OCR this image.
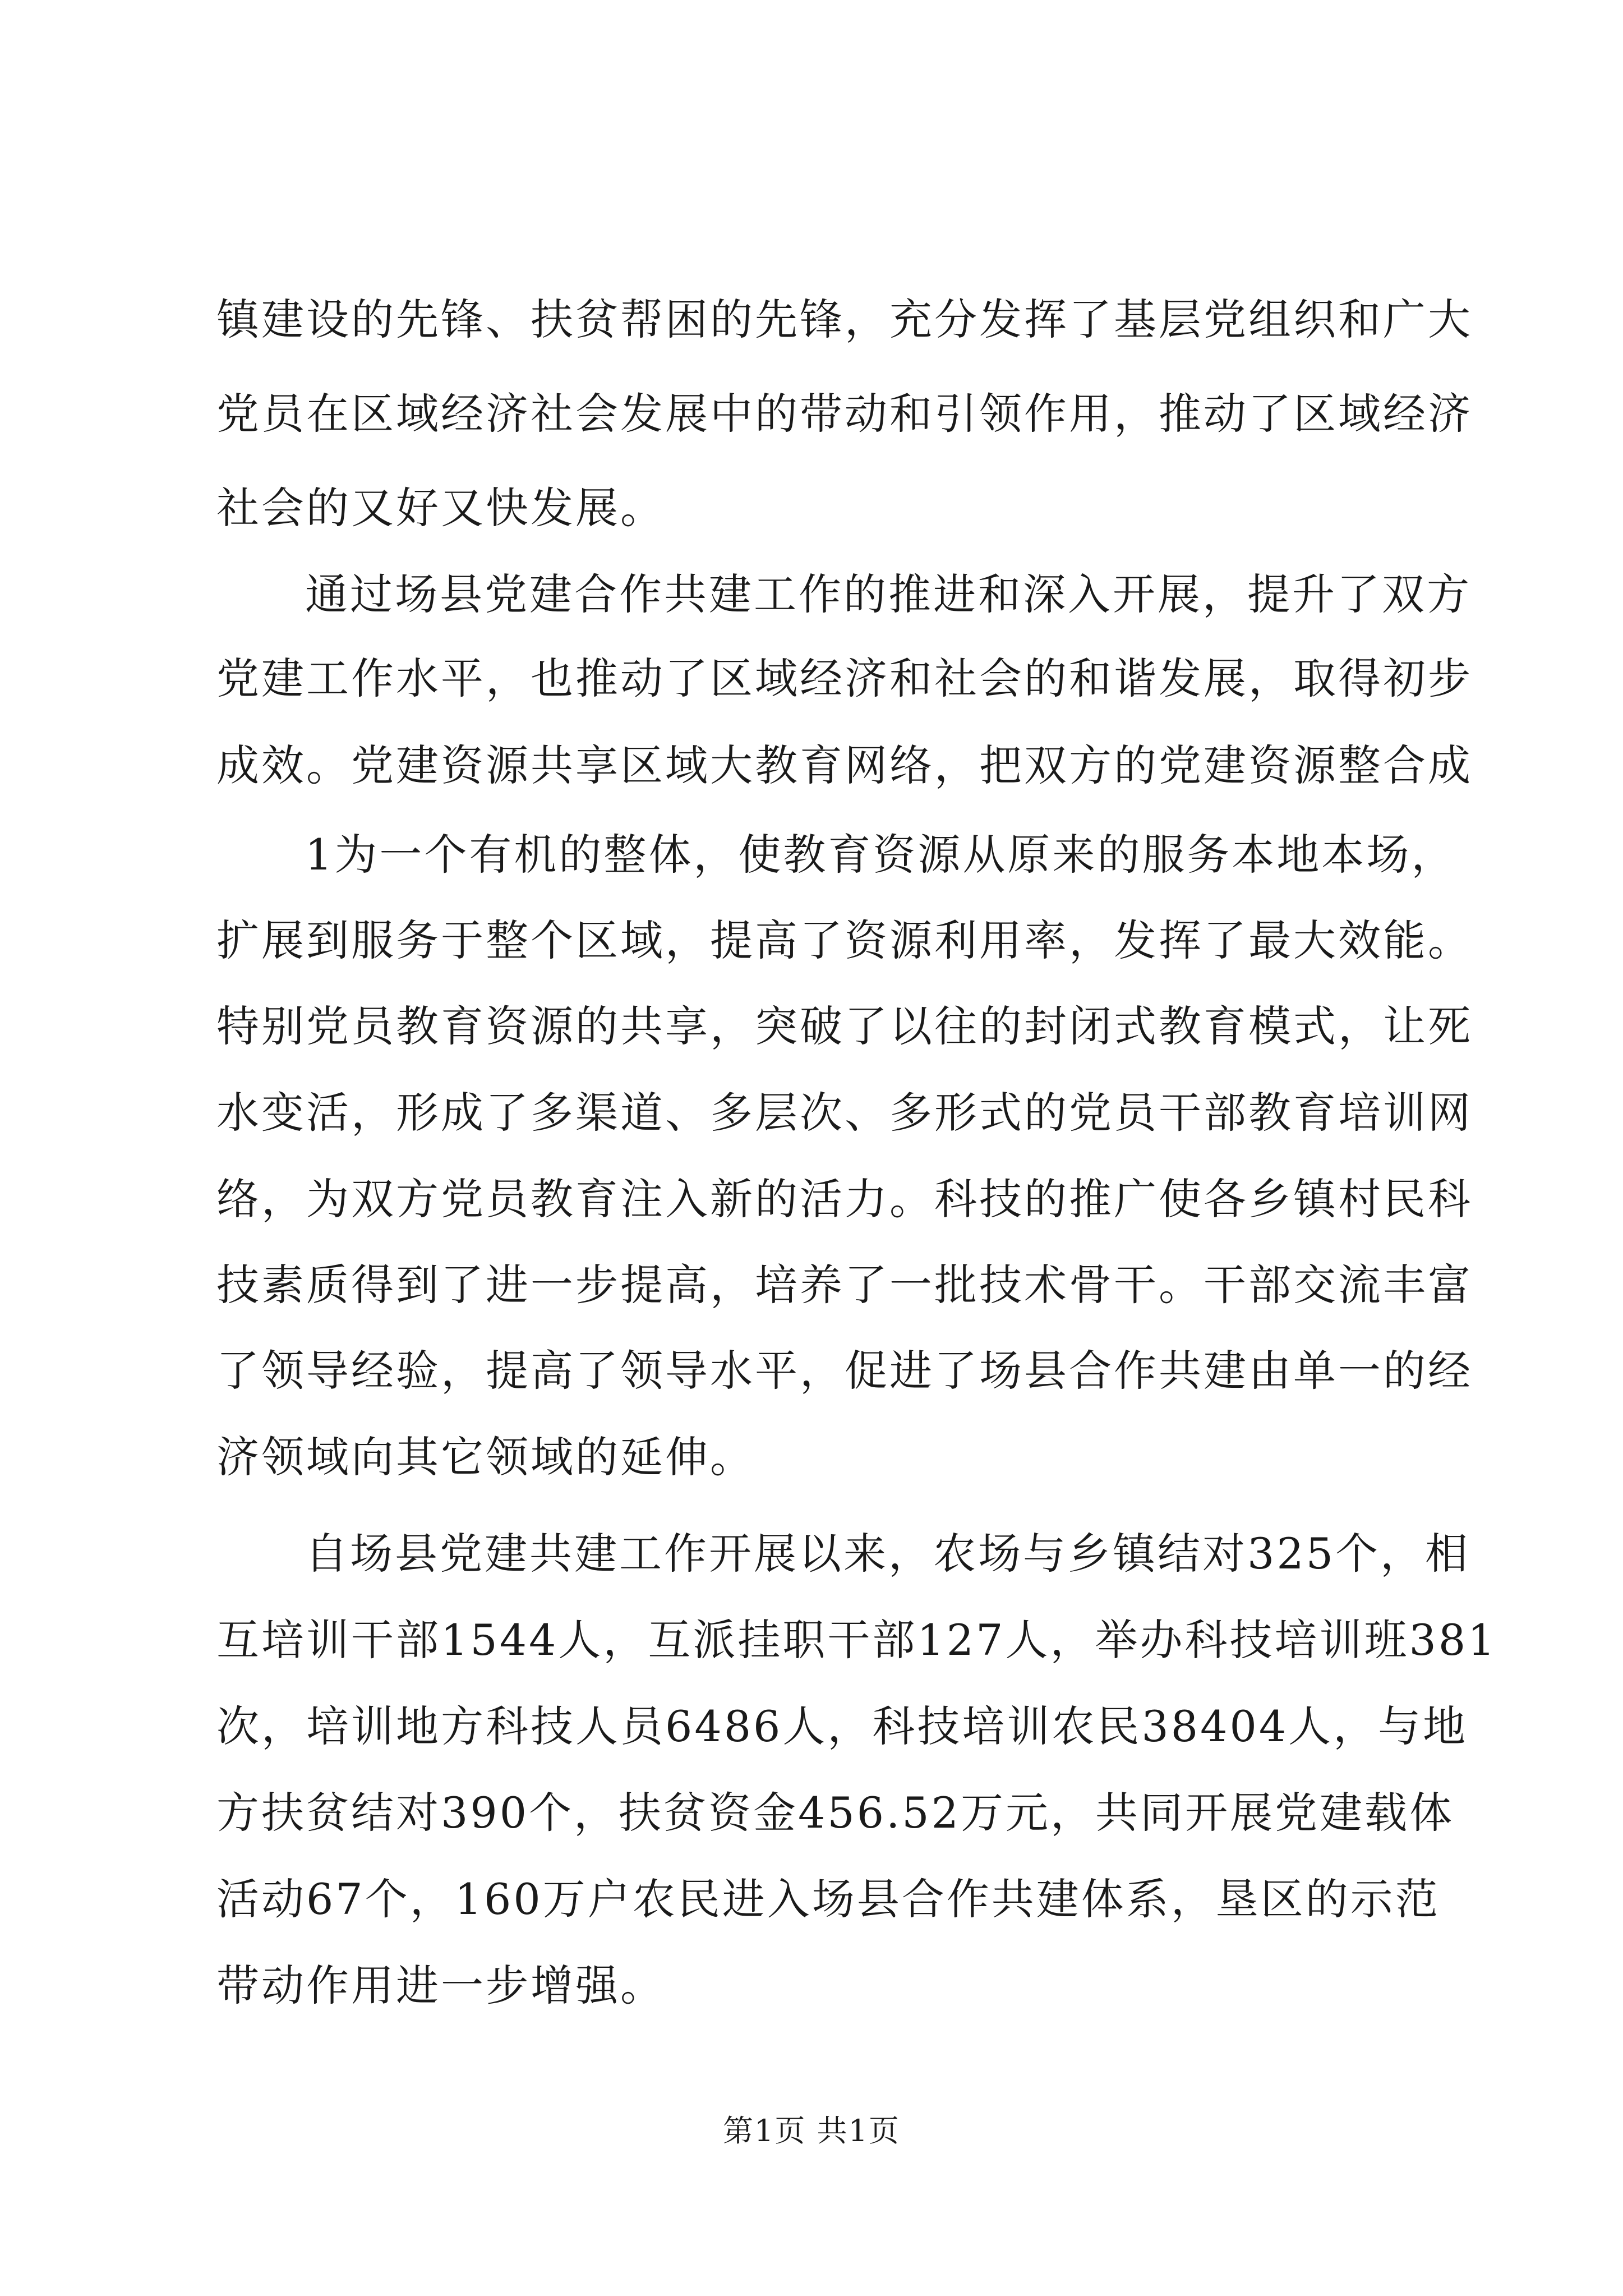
镇建设的先锋、扶贫帮困的先锋，充分发挥了基层党组织和广大
党员在区域经济社会发展中的带动和引领作用，推动了区域经济
社会的又好又快发展。
通过场县党建合作共建工作的推进和深入开展，提升了双方
党建工作水平，也推动了区域经济和社会的和谐发展，取得初步
成效。党建资源共享区域大教育网络，把双方的党建资源整合成
1为一个有机的整体，使教育资源从原来的服务本地本场，
扩展到服务于整个区域，提高了资源利用率，发挥了最大效能。
特别党员教育资源的共享，突破了以往的封闭式教育模式，让死
水变活，形成了多渠道、多层次、多形式的党员干部教育培训网
络，为双方党员教育注入新的活力。科技的推广使各乡镇村民科
技素质得到了进一步提高，培养了一批技术骨干。干部交流丰富
了领导经验，提高了领导水平，促进了场县合作共建由单一的经
济领域向其它领域的延伸。
自场县党建共建工作开展以来，农场与乡镇结对325个，相
互培训干部1544人，互派挂职干部127人，举办科技培训班381
次，培训地方科技人员6486人，科技培训农民38404人，与地
方扶贫结对390个，扶贫资金456.52万元，共同开展党建载体
活动67个，160万户农民进入场县合作共建体系，垦区的示范
带动作用进一步增强。
第1页 共1页
